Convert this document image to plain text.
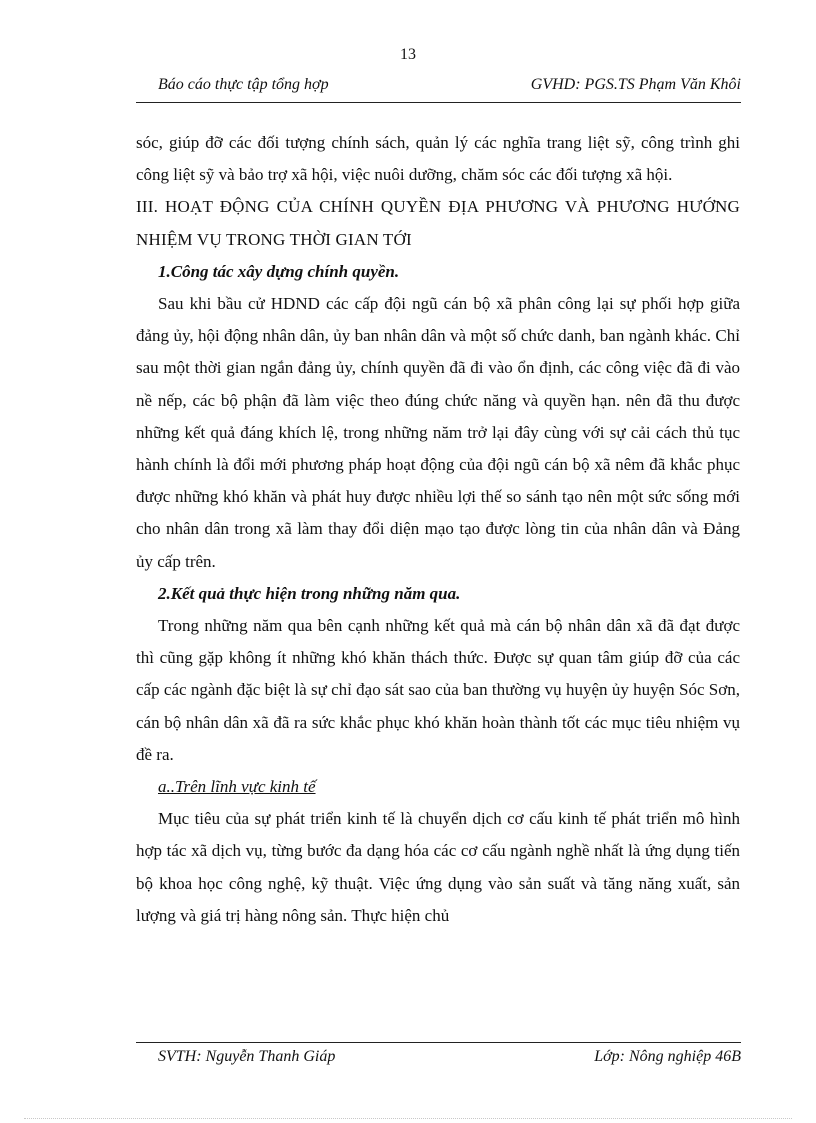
13
Báo cáo thực tập tổng hợp	GVHD: PGS.TS Phạm Văn Khôi

sóc, giúp đỡ các đối tượng chính sách, quản lý các nghĩa trang liệt sỹ, công trình ghi công liệt sỹ và bảo trợ xã hội, việc nuôi dưỡng, chăm sóc các đối tượng xã hội.

III. HOẠT ĐỘNG CỦA CHÍNH QUYỀN ĐỊA PHƯƠNG VÀ PHƯƠNG HƯỚNG NHIỆM VỤ TRONG THỜI GIAN TỚI

1.Công tác xây dựng chính quyền.

Sau khi bầu cử HDND các cấp đội ngũ cán bộ xã phân công lại sự phối hợp giữa đảng ủy, hội động nhân dân, ủy ban nhân dân và một số chức danh, ban ngành khác. Chỉ sau một thời gian ngắn đảng ủy, chính quyền đã đi vào ổn định, các công việc đã đi vào nề nếp, các bộ phận đã làm việc theo đúng chức năng và quyền hạn. nên đã thu được những kết quả đáng khích lệ, trong những năm trở lại đây cùng với sự cải cách thủ tục hành chính là đổi mới phương pháp hoạt động của đội ngũ cán bộ xã nêm đã khắc phục được những khó khăn và phát huy được nhiều lợi thế so sánh tạo nên một sức sống mới cho nhân dân trong xã làm thay đổi diện mạo tạo được lòng tin của nhân dân và Đảng ủy cấp trên.

2.Kết quả thực hiện trong những năm qua.

Trong những năm qua bên cạnh những kết quả mà cán bộ nhân dân xã đã đạt được thì cũng gặp không ít những khó khăn thách thức. Được sự quan tâm giúp đỡ của các cấp các ngành đặc biệt là sự chỉ đạo sát sao của ban thường vụ huyện ủy huyện Sóc Sơn, cán bộ nhân dân xã đã ra sức khắc phục khó khăn hoàn thành tốt các mục tiêu nhiệm vụ đề ra.

a..Trên lĩnh vực kinh tế

Mục tiêu của sự phát triển kinh tế là chuyển dịch cơ cấu kinh tế phát triển mô hình hợp tác xã dịch vụ, từng bước đa dạng hóa các cơ cấu ngành nghề nhất là ứng dụng tiến bộ khoa học công nghệ, kỹ thuật. Việc ứng dụng vào sản suất và tăng năng xuất, sản lượng và giá trị hàng nông sản. Thực hiện chủ

SVTH: Nguyễn Thanh Giáp	Lớp: Nông nghiệp 46B
